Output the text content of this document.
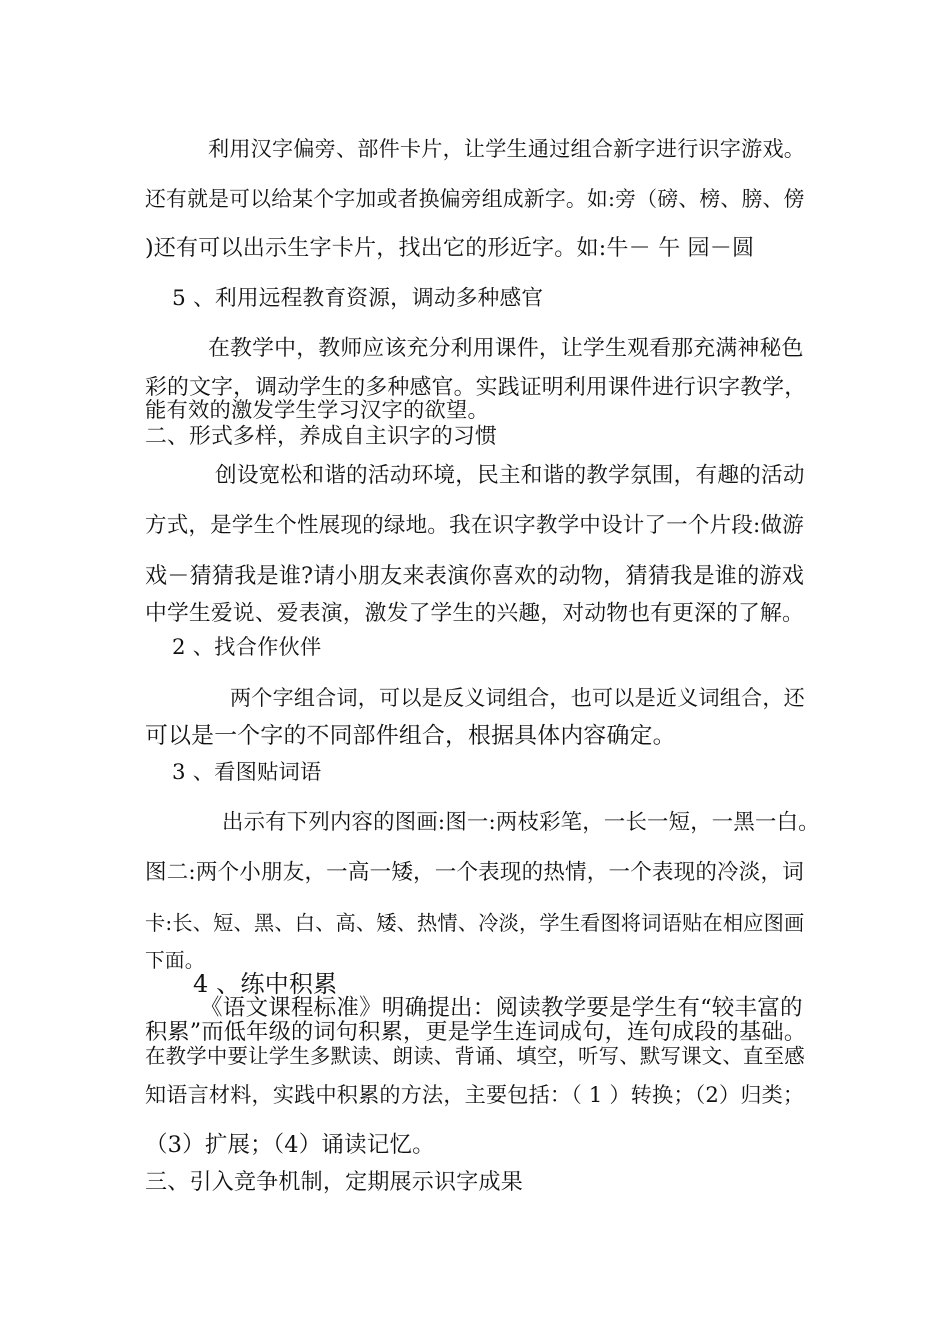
利用汉字偏旁、部件卡片，让学生通过组合新字进行识字游戏。
还有就是可以给某个字加或者换偏旁组成新字。如:旁（磅、榜、膀、傍
)还有可以出示生字卡片，找出它的形近字。如:牛－ 午 园－圆
5 、利用远程教育资源，调动多种感官
在教学中，教师应该充分利用课件，让学生观看那充满神秘色
彩的文字，调动学生的多种感官。实践证明利用课件进行识字教学，
能有效的激发学生学习汉字的欲望。
二、形式多样，养成自主识字的习惯
创设宽松和谐的活动环境，民主和谐的教学氛围，有趣的活动
方式，是学生个性展现的绿地。我在识字教学中设计了一个片段:做游
戏－猜猜我是谁?请小朋友来表演你喜欢的动物，猜猜我是谁的游戏
中学生爱说、爱表演，激发了学生的兴趣，对动物也有更深的了解。
2 、找合作伙伴
两个字组合词，可以是反义词组合，也可以是近义词组合，还
可以是一个字的不同部件组合，根据具体内容确定。
3 、看图贴词语
出示有下列内容的图画:图一:两枝彩笔，一长一短，一黑一白。
图二:两个小朋友，一高一矮，一个表现的热情，一个表现的冷淡，词
卡:长、短、黑、白、高、矮、热情、冷淡，学生看图将词语贴在相应图画
下面。
4 、练中积累
《语文课程标准》明确提出：阅读教学要是学生有“较丰富的
积累”而低年级的词句积累，更是学生连词成句，连句成段的基础。
在教学中要让学生多默读、朗读、背诵、填空，听写、默写课文、直至感
知语言材料，实践中积累的方法，主要包括：（ 1 ）转换；（2）归类；
（3）扩展；（4）诵读记忆。
三、引入竞争机制，定期展示识字成果
